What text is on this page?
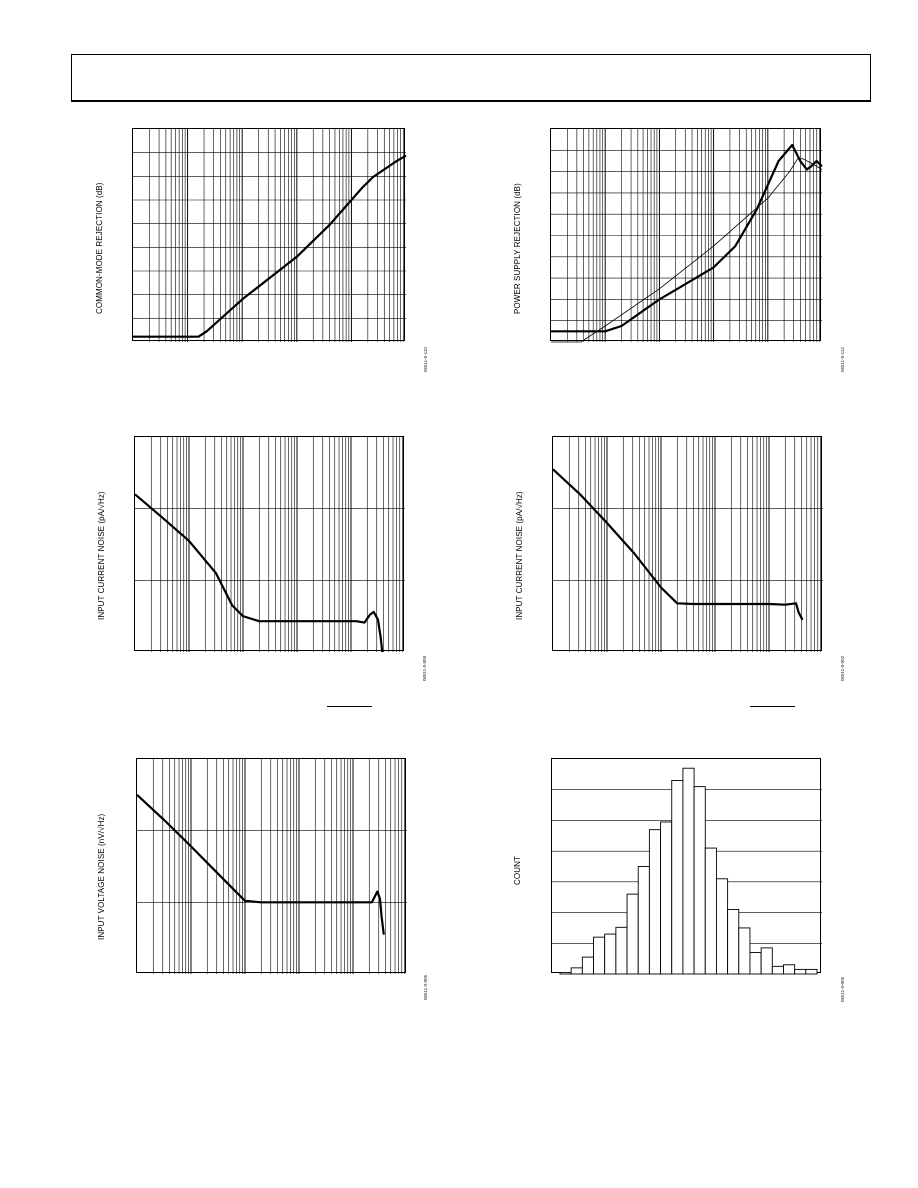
COMMON-MODE REJECTION (dB)
06511-0-110
POWER SUPPLY REJECTION (dB)
06511-0-114
INPUT CURRENT NOISE (pA/√Hz)
06511-0-009
INPUT CURRENT NOISE (pA/√Hz)
06511-0-002
INPUT VOLTAGE NOISE (nV/√Hz)
06511-0-005
COUNT
06511-0-005
